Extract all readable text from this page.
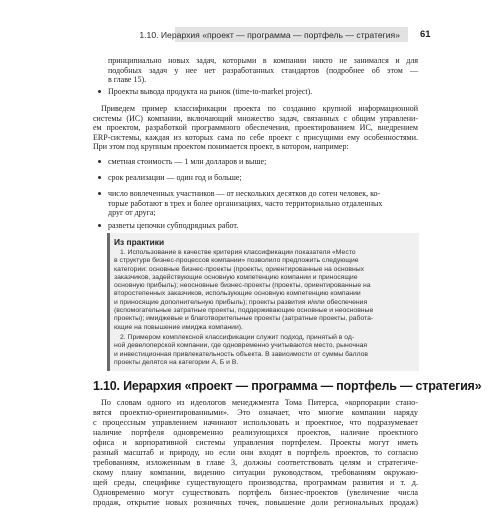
1.10. Иерархия «проект — программа — портфель — стратегия» 61
принципиально новых задач, которыми в компании никто не занимался и для
подобных задач у нее нет разработанных стандартов (подробнее об этом —
в главе 15).
Проекты вывода продукта на рынок (time-to-market project).
Приведем пример классификации проекта по созданию крупной информационной
системы (ИС) компании, включающий множество задач, связанных с общим управлени-
ем проектом, разработкой программного обеспечения, проектированием ИС, внедрением
ERP-системы, каждая из которых сама по себе проект с присущими ему особенностями.
При этом под крупным проектом понимается проект, в котором, например:
сметная стоимость — 1 млн долларов и выше;
срок реализации — один год и больше;
число вовлеченных участников — от нескольких десятков до сотен человек, ко-
торые работают в трех и более организациях, часто территориально отдаленных
друг от друга;
разветы цепочки субподрядных работ.
Из практики
1. Использование в качестве критерия классификации показателя «Место
в структуре бизнес-процессов компании» позволило предложить следующие
категории: основные бизнес-проекты (проекты, ориентированные на основных
заказчиков, задействующие основную компетенцию компании и приносящие
основную прибыль); неосновные бизнес-проекты (проекты, ориентированные на
второстепенных заказчиков, использующие основную компетенцию компании
и приносящие дополнительную прибыль); проекты развития и/или обеспечения
(вспомогательные затратные проекты, поддерживающие основные и неосновные
проекты); имиджевые и благотворительные проекты (затратные проекты, работа-
ющие на повышение имиджа компании).
2. Примером комплексной классификации служит подход, принятый в од-
ной девелоперской компании, где одновременно учитываются место, рыночная
и инвестиционная привлекательность объекта. В зависимости от суммы баллов
проекты делятся на категории А, Б и В.
1.10. Иерархия «проект — программа — портфель — стратегия»
По словам одного из идеологов менеджмента Тома Питерса, «корпорации стано-
вятся проектно-ориентированными». Это означает, что многие компании наряду
с процессным управлением начинают использовать и проектное, что подразумевает
наличие портфеля одновременно реализующихся проектов, наличие проектного
офиса и корпоративной системы управления портфелем. Проекты могут иметь
разный масштаб и природу, но если они входят в портфель проектов, то согласно
требованиям, изложенным в главе 3, должны соответствовать целям и стратегиче-
скому плану компании, видению ситуации руководством, требованиям окружаю-
щей среды, специфике существующего производства, программам развития и т. д.
Одновременно могут существовать портфель бизнес-проектов (увеличение числа
продаж, открытие новых розничных точек, повышение доли региональных продаж)
